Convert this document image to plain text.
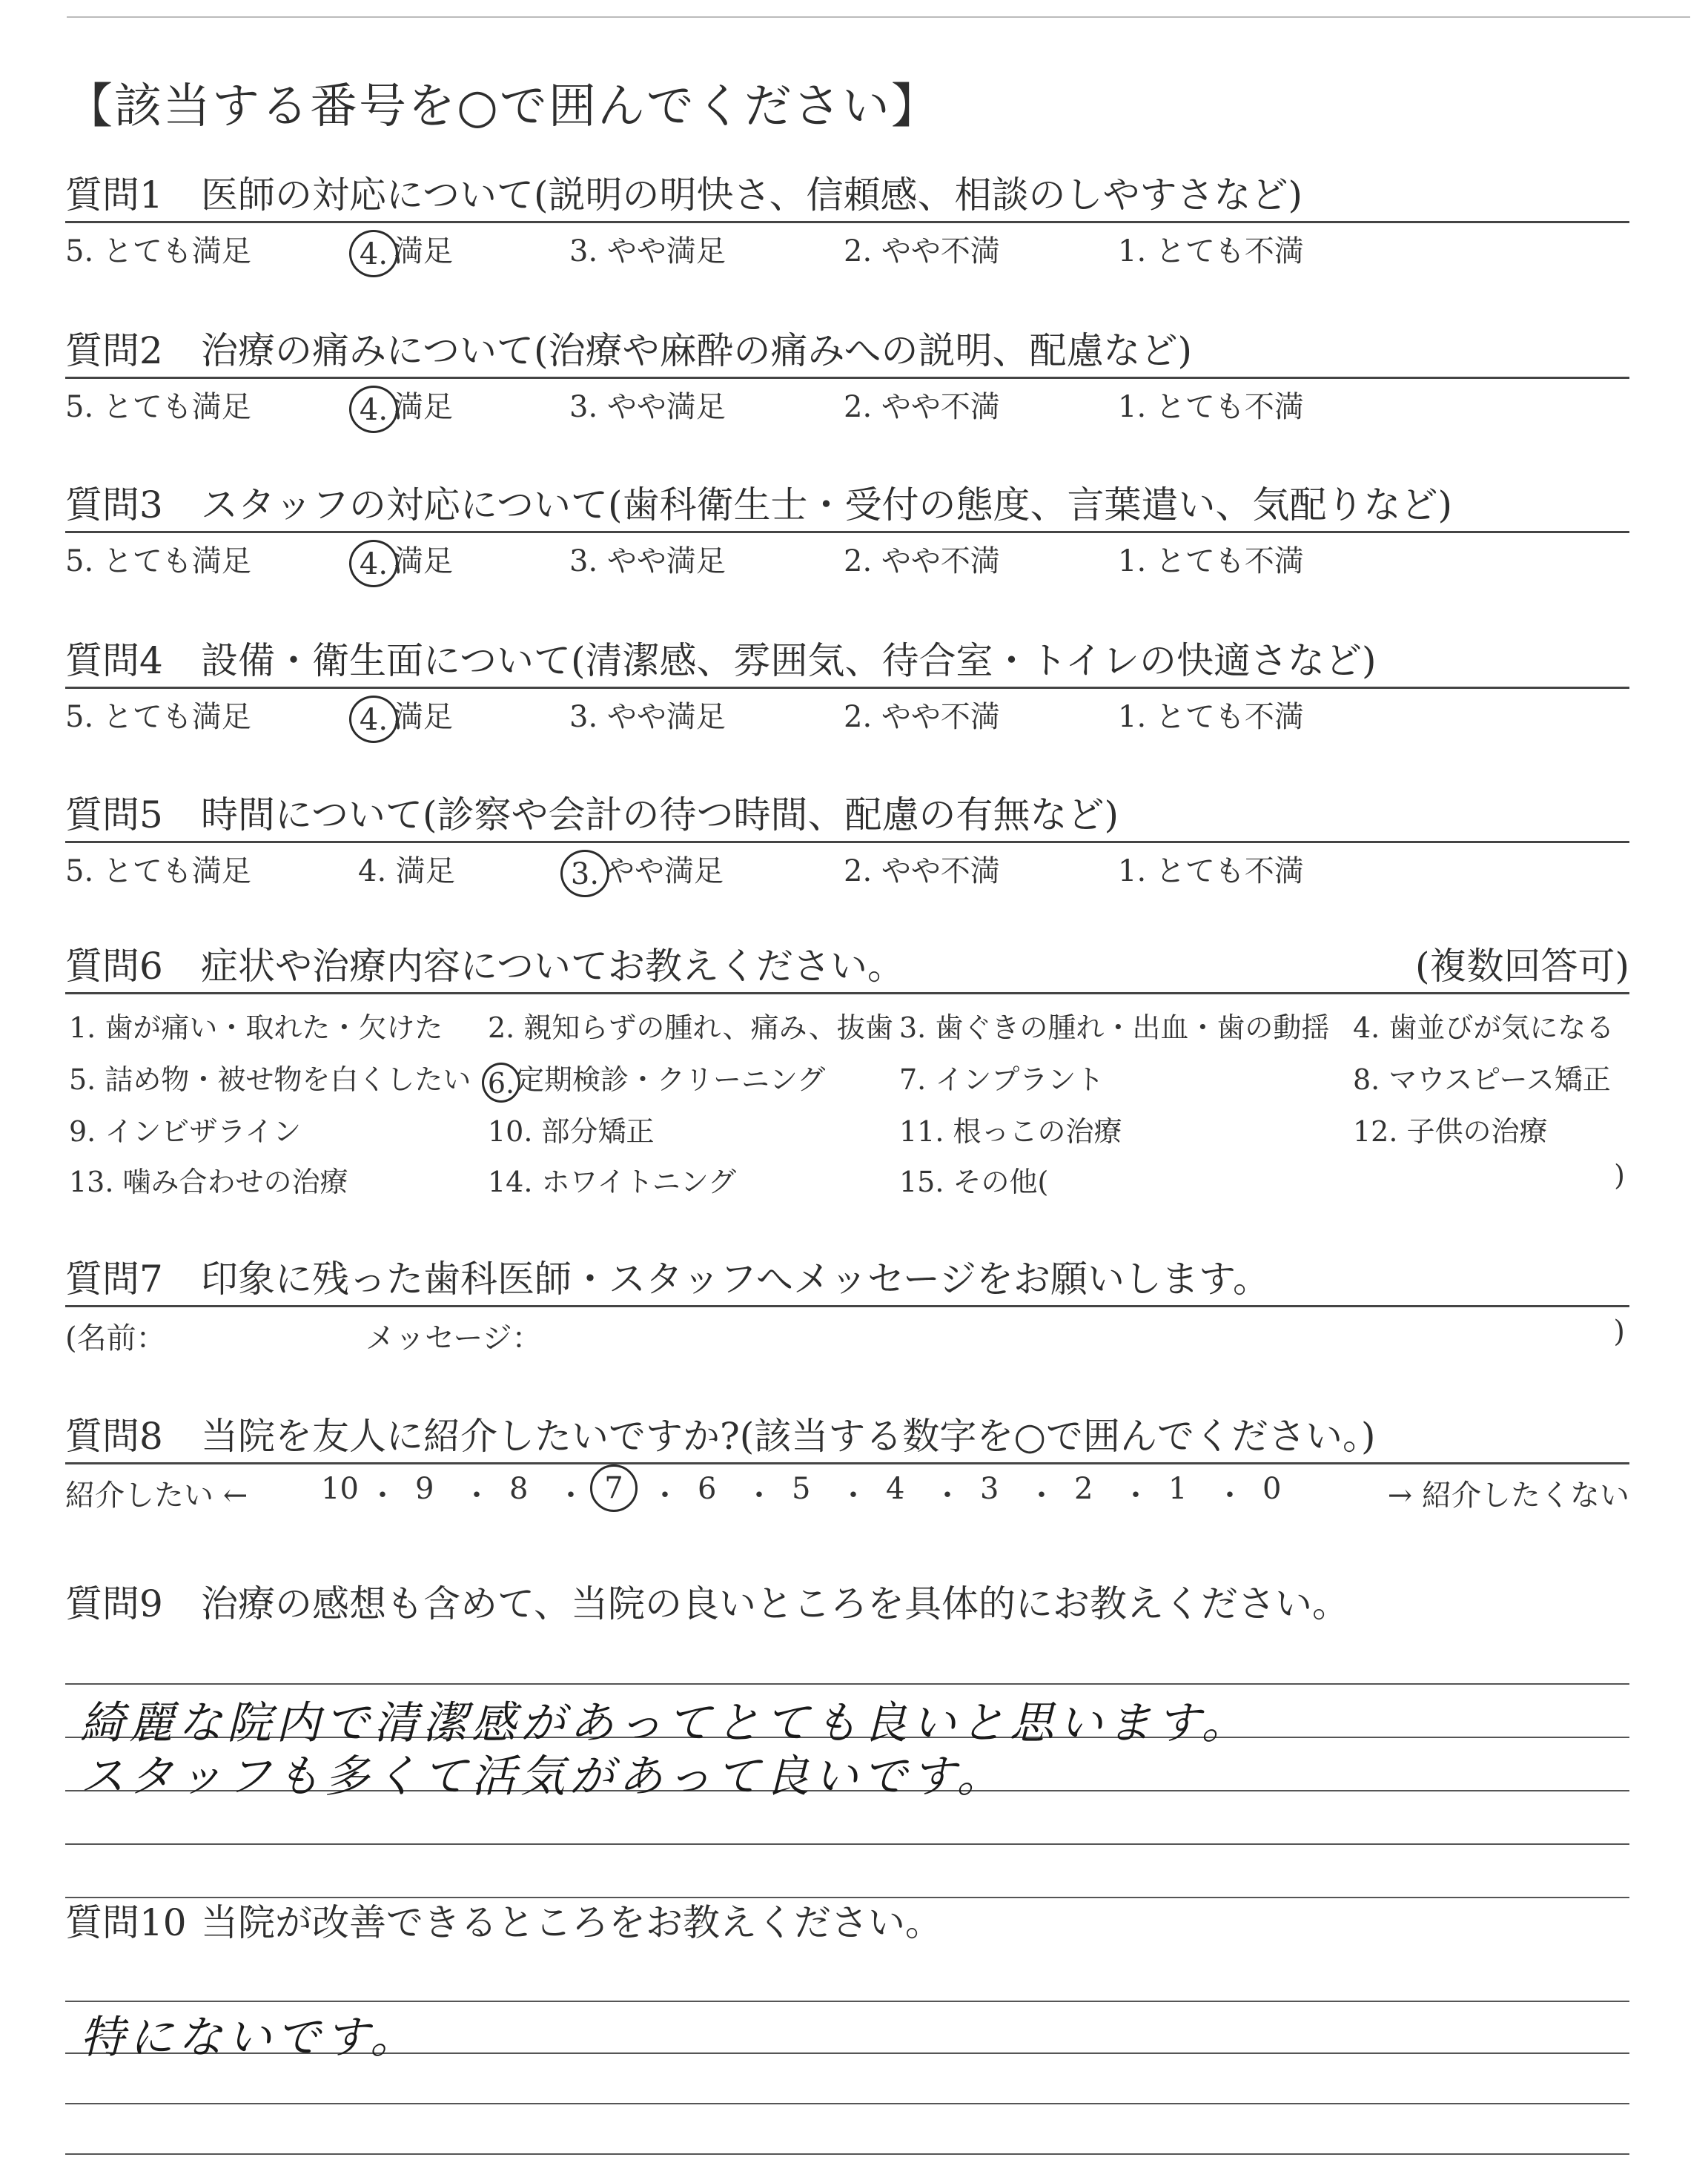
【該当する番号を○で囲んでください】
質問1 医師の対応について(説明の明快さ、信頼感、相談のしやすさなど)
5. とても満足	4. 満足	3. やや満足	2. やや不満	1. とても不満
質問2 治療の痛みについて(治療や麻酔の痛みへの説明、配慮など)
5. とても満足	4. 満足	3. やや満足	2. やや不満	1. とても不満
質問3 スタッフの対応について(歯科衛生士・受付の態度、言葉遣い、気配りなど)
5. とても満足	4. 満足	3. やや満足	2. やや不満	1. とても不満
質問4 設備・衛生面について(清潔感、雰囲気、待合室・トイレの快適さなど)
5. とても満足	4. 満足	3. やや満足	2. やや不満	1. とても不満
質問5 時間について(診察や会計の待つ時間、配慮の有無など)
5. とても満足	4. 満足	3. やや満足	2. やや不満	1. とても不満
質問6 症状や治療内容についてお教えください。	(複数回答可)
1. 歯が痛い・取れた・欠けた 2. 親知らずの腫れ、痛み、抜歯 3. 歯ぐきの腫れ・出血・歯の動揺 4. 歯並びが気になる
5. 詰め物・被せ物を白くしたい 6.定期検診・クリーニング	7. インプラント	8. マウスピース矯正
9. インビザライン	10. 部分矯正	11. 根っこの治療	12. 子供の治療
13. 噛み合わせの治療	14. ホワイトニング	15. その他(	)
質問7 印象に残った歯科医師・スタッフへメッセージをお願いします。
(名前：	メッセージ：	)
質問8 当院を友人に紹介したいですか?(該当する数字を○で囲んでください。)
紹介したい ← 10 ・ 9 ・ 8 ・ 7 ・ 6 ・ 5 ・ 4 ・ 3 ・ 2 ・ 1 ・ 0	→ 紹介したくない
質問9 治療の感想も含めて、当院の良いところを具体的にお教えください。
綺麗な院内で清潔感があってとても良いと思います。
スタッフも多くて活気があって良いです。
質問10 当院が改善できるところをお教えください。
特にないです。
